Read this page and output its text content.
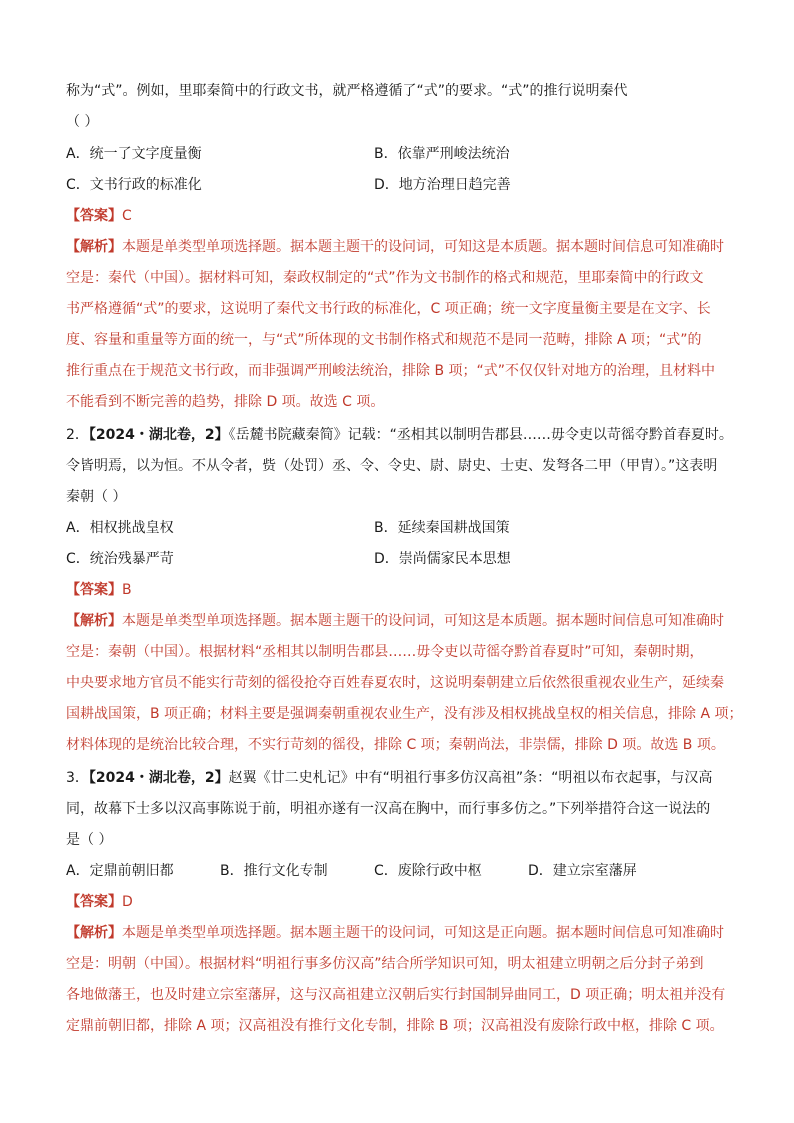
称为“式”。例如，里耶秦简中的行政文书，就严格遵循了“式”的要求。“式”的推行说明秦代
（ ）
A．统一了文字度量衡	B．依靠严刑峻法统治
C．文书行政的标准化	D．地方治理日趋完善
【答案】C
【解析】本题是单类型单项选择题。据本题主题干的设问词，可知这是本质题。据本题时间信息可知准确时
空是：秦代（中国）。据材料可知，秦政权制定的“式”作为文书制作的格式和规范，里耶秦简中的行政文
书严格遵循“式”的要求，这说明了秦代文书行政的标准化，C 项正确；统一文字度量衡主要是在文字、长
度、容量和重量等方面的统一，与“式”所体现的文书制作格式和规范不是同一范畴，排除 A 项；“式”的
推行重点在于规范文书行政，而非强调严刑峻法统治，排除 B 项；“式”不仅仅针对地方的治理，且材料中
不能看到不断完善的趋势，排除 D 项。故选 C 项。
2．【2024・湖北卷，2】《岳麓书院藏秦简》记载：“丞相其以制明告郡县……毋令吏以苛徭夺黔首春夏时。
令皆明焉，以为恒。不从令者，赀（处罚）丞、令、令史、尉、尉史、士吏、发弩各二甲（甲胄）。”这表明
秦朝（ ）
A．相权挑战皇权	B．延续秦国耕战国策
C．统治残暴严苛	D．崇尚儒家民本思想
【答案】B
【解析】本题是单类型单项选择题。据本题主题干的设问词，可知这是本质题。据本题时间信息可知准确时
空是：秦朝（中国）。根据材料“丞相其以制明告郡县……毋令吏以苛徭夺黔首春夏时”可知，秦朝时期，
中央要求地方官员不能实行苛刻的徭役抢夺百姓春夏农时，这说明秦朝建立后依然很重视农业生产，延续秦
国耕战国策，B 项正确；材料主要是强调秦朝重视农业生产，没有涉及相权挑战皇权的相关信息，排除 A 项；
材料体现的是统治比较合理，不实行苛刻的徭役，排除 C 项；秦朝尚法，非崇儒，排除 D 项。故选 B 项。
3．【2024・湖北卷，2】赵翼《廿二史札记》中有“明祖行事多仿汉高祖”条：“明祖以布衣起事，与汉高
同，故幕下士多以汉高事陈说于前，明祖亦遂有一汉高在胸中，而行事多仿之。”下列举措符合这一说法的
是（ ）
A．定鼎前朝旧都	B．推行文化专制	C．废除行政中枢	D．建立宗室藩屏
【答案】D
【解析】本题是单类型单项选择题。据本题主题干的设问词，可知这是正向题。据本题时间信息可知准确时
空是：明朝（中国）。根据材料“明祖行事多仿汉高”结合所学知识可知，明太祖建立明朝之后分封子弟到
各地做藩王，也及时建立宗室藩屏，这与汉高祖建立汉朝后实行封国制异曲同工，D 项正确；明太祖并没有
定鼎前朝旧都，排除 A 项；汉高祖没有推行文化专制，排除 B 项；汉高祖没有废除行政中枢，排除 C 项。
